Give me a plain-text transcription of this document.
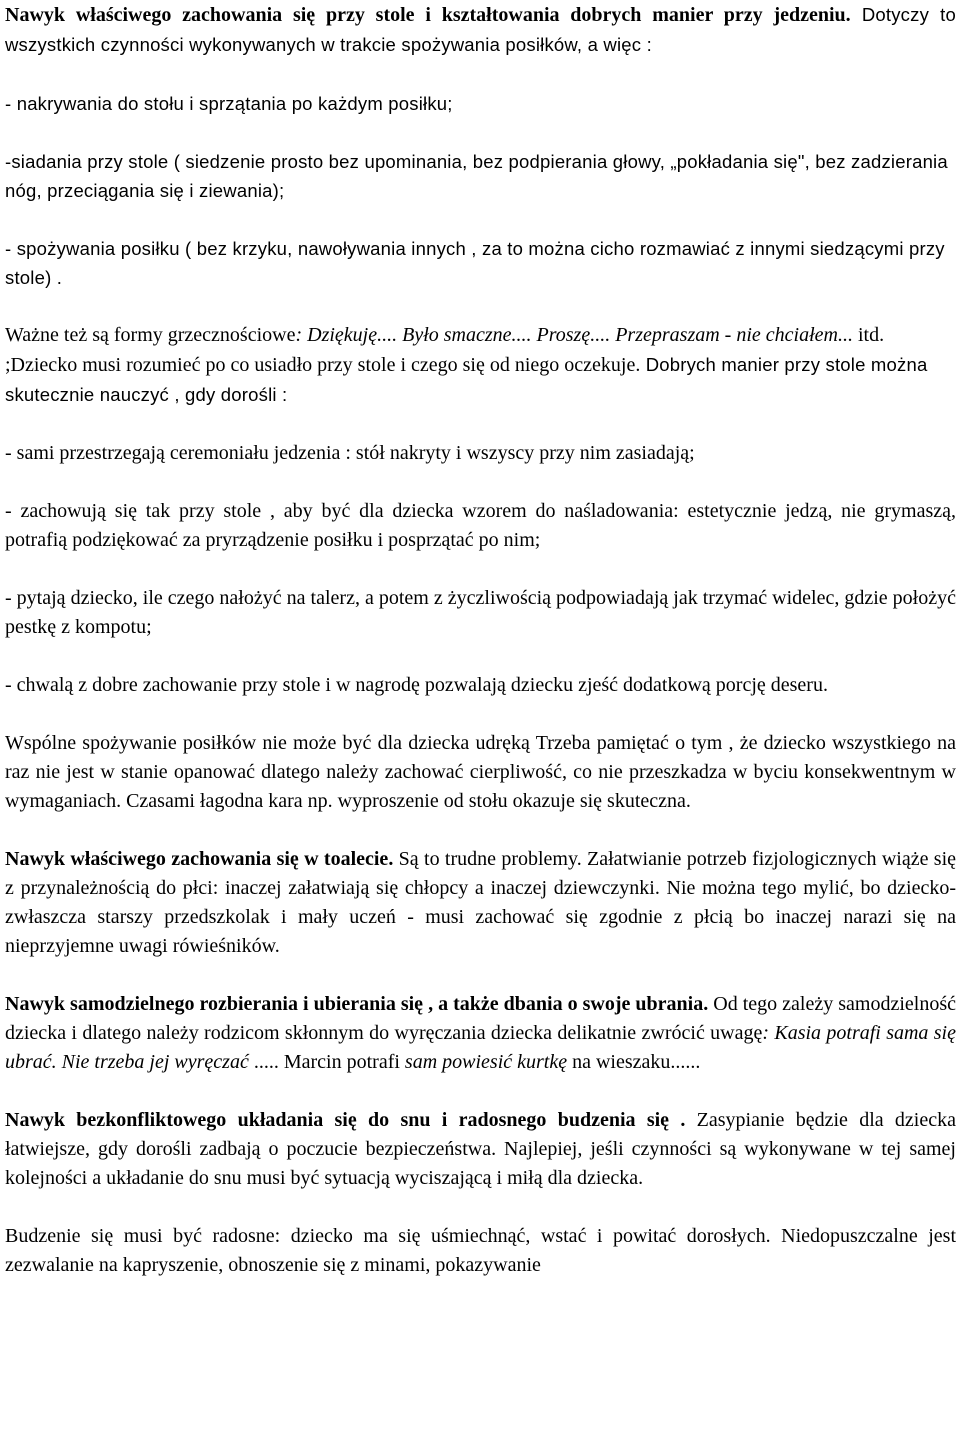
Nawyk właściwego zachowania się przy stole i kształtowania dobrych manier przy jedzeniu. Dotyczy to wszystkich czynności wykonywanych w trakcie spożywania posiłków, a więc :

- nakrywania do stołu i sprzątania po każdym posiłku;

-siadania przy stole ( siedzenie prosto bez upominania, bez podpierania głowy, „pokładania się", bez zadzierania nóg, przeciągania się i ziewania);

- spożywania posiłku ( bez krzyku, nawoływania innych , za to można cicho rozmawiać z innymi siedzącymi przy stole) .

Ważne też są formy grzecznościowe: Dziękuję.... Było smaczne.... Proszę.... Przepraszam - nie chciałem... itd. ;Dziecko musi rozumieć po co usiadło przy stole i czego się od niego oczekuje. Dobrych manier przy stole można skutecznie nauczyć , gdy dorośli :

- sami przestrzegają ceremoniału jedzenia : stół nakryty i wszyscy przy nim zasiadają;

- zachowują się tak przy stole , aby być dla dziecka wzorem do naśladowania: estetycznie jedzą, nie grymaszą, potrafią podziękować za pryrządzenie posiłku i posprzątać po nim;

- pytają dziecko, ile czego nałożyć na talerz, a potem z życzliwością podpowiadają jak trzymać widelec, gdzie położyć pestkę z kompotu;

- chwalą z dobre zachowanie przy stole i w nagrodę pozwalają dziecku zjeść dodatkową porcję deseru.

Wspólne spożywanie posiłków nie może być dla dziecka udręką Trzeba pamiętać o tym , że dziecko wszystkiego na raz nie jest w stanie opanować dlatego należy zachować cierpliwość, co nie przeszkadza w byciu konsekwentnym w wymaganiach. Czasami łagodna kara np. wyproszenie od stołu okazuje się skuteczna.

Nawyk właściwego zachowania się w toalecie. Są to trudne problemy. Załatwianie potrzeb fizjologicznych wiąże się z przynależnością do płci: inaczej załatwiają się chłopcy a inaczej dziewczynki. Nie można tego mylić, bo dziecko- zwłaszcza starszy przedszkolak i mały uczeń - musi zachować się zgodnie z płcią bo inaczej narazi się na nieprzyjemne uwagi rówieśników.

Nawyk samodzielnego rozbierania i ubierania się , a także dbania o swoje ubrania. Od tego zależy samodzielność dziecka i dlatego należy rodzicom skłonnym do wyręczania dziecka delikatnie zwrócić uwagę: Kasia potrafi sama się ubrać. Nie trzeba jej wyręczać ..... Marcin potrafi sam powiesić kurtkę na wieszaku......

Nawyk bezkonfliktowego układania się do snu i radosnego budzenia się . Zasypianie będzie dla dziecka łatwiejsze, gdy dorośli zadbają o poczucie bezpieczeństwa. Najlepiej, jeśli czynności są wykonywane w tej samej kolejności a układanie do snu musi być sytuacją wyciszającą i miłą dla dziecka.

Budzenie się musi być radosne: dziecko ma się uśmiechnąć, wstać i powitać dorosłych. Niedopuszczalne jest zezwalanie na kapryszenie, obnoszenie się z minami, pokazywanie
